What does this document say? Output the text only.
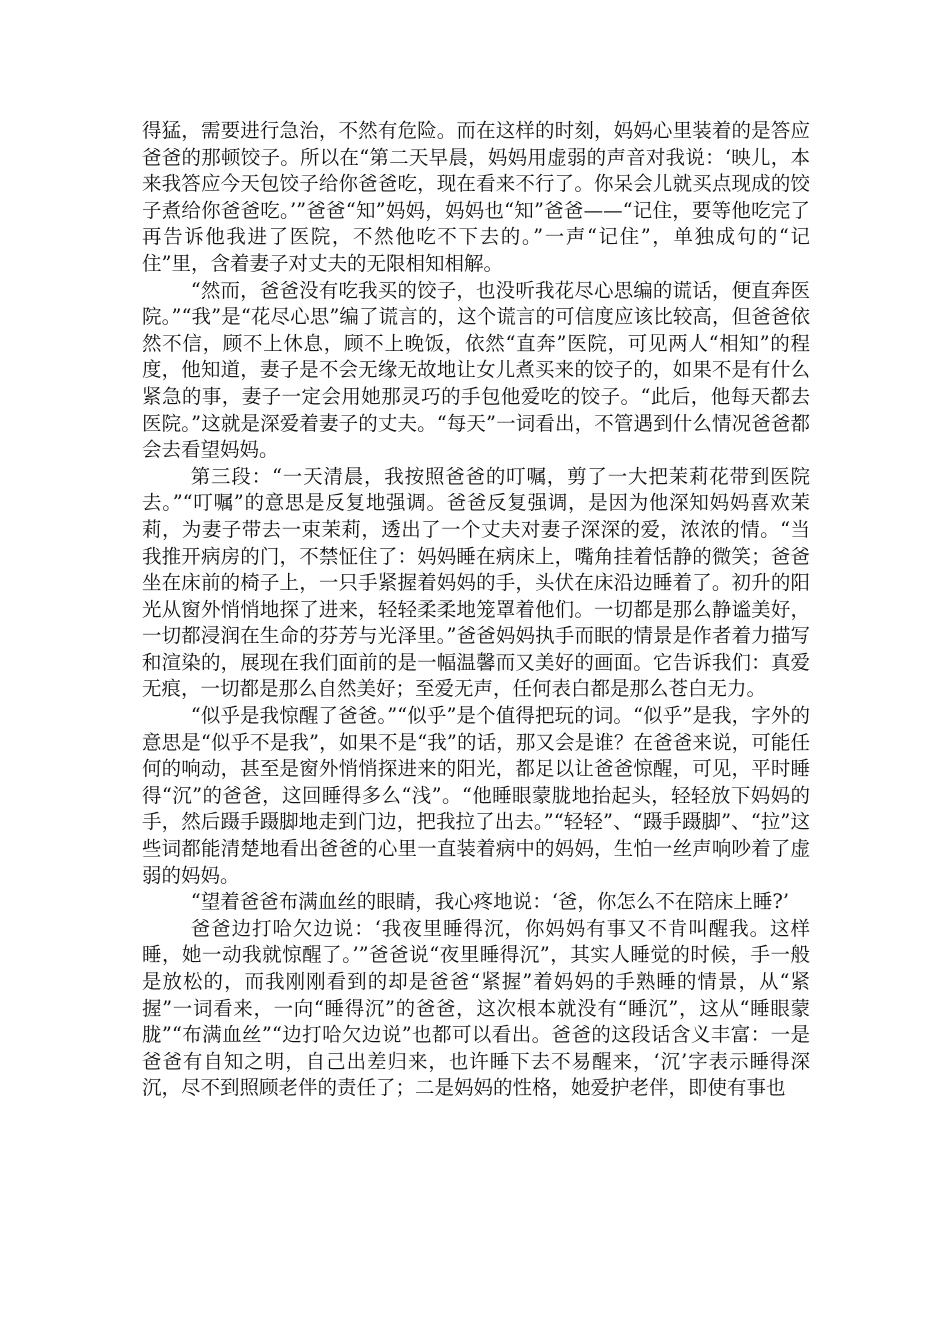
得猛，需要进行急治，不然有危险。而在这样的时刻，妈妈心里装着的是答应爸爸的那顿饺子。所以在“第二天早晨，妈妈用虚弱的声音对我说：‘映儿，本来我答应今天包饺子给你爸爸吃，现在看来不行了。你呆会儿就买点现成的饺子煮给你爸爸吃。’”爸爸“知”妈妈，妈妈也“知”爸爸——“记住，要等他吃完了再告诉他我进了医院，不然他吃不下去的。”一声“记住”，单独成句的“记住”里，含着妻子对丈夫的无限相知相解。

“然而，爸爸没有吃我买的饺子，也没听我花尽心思编的谎话，便直奔医院。”“我”是“花尽心思”编了谎言的，这个谎言的可信度应该比较高，但爸爸依然不信，顾不上休息，顾不上晚饭，依然“直奔”医院，可见两人“相知”的程度，他知道，妻子是不会无缘无故地让女儿煮买来的饺子的，如果不是有什么紧急的事，妻子一定会用她那灵巧的手包他爱吃的饺子。“此后，他每天都去医院。”这就是深爱着妻子的丈夫。“每天”一词看出，不管遇到什么情况爸爸都会去看望妈妈。

第三段：“一天清晨，我按照爸爸的叮嘱，剪了一大把茉莉花带到医院去。”“叮嘱”的意思是反复地强调。爸爸反复强调，是因为他深知妈妈喜欢茉莉，为妻子带去一束茉莉，透出了一个丈夫对妻子深深的爱，浓浓的情。“当我推开病房的门，不禁怔住了：妈妈睡在病床上，嘴角挂着恬静的微笑；爸爸坐在床前的椅子上，一只手紧握着妈妈的手，头伏在床沿边睡着了。初升的阳光从窗外悄悄地探了进来，轻轻柔柔地笼罩着他们。一切都是那么静谧美好，一切都浸润在生命的芬芳与光泽里。”爸爸妈妈执手而眠的情景是作者着力描写和渲染的，展现在我们面前的是一幅温馨而又美好的画面。它告诉我们：真爱无痕，一切都是那么自然美好；至爱无声，任何表白都是那么苍白无力。

“似乎是我惊醒了爸爸。”“似乎”是个值得把玩的词。“似乎”是我，字外的意思是“似乎不是我”，如果不是“我”的话，那又会是谁？在爸爸来说，可能任何的响动，甚至是窗外悄悄探进来的阳光，都足以让爸爸惊醒，可见，平时睡得“沉”的爸爸，这回睡得多么“浅”。“他睡眼蒙胧地抬起头，轻轻放下妈妈的手，然后蹑手蹑脚地走到门边，把我拉了出去。”“轻轻”、“蹑手蹑脚”、“拉”这些词都能清楚地看出爸爸的心里一直装着病中的妈妈，生怕一丝声响吵着了虚弱的妈妈。

“望着爸爸布满血丝的眼睛，我心疼地说：‘爸，你怎么不在陪床上睡?’

爸爸边打哈欠边说：‘我夜里睡得沉，你妈妈有事又不肯叫醒我。这样睡，她一动我就惊醒了。’”爸爸说“夜里睡得沉”，其实人睡觉的时候，手一般是放松的，而我刚刚看到的却是爸爸“紧握”着妈妈的手熟睡的情景，从“紧握”一词看来，一向“睡得沉”的爸爸，这次根本就没有“睡沉”，这从“睡眼蒙胧”“布满血丝”“边打哈欠边说”也都可以看出。爸爸的这段话含义丰富：一是爸爸有自知之明，自己出差归来，也许睡下去不易醒来，‘沉’字表示睡得深沉，尽不到照顾老伴的责任了；二是妈妈的性格，她爱护老伴，即使有事也
